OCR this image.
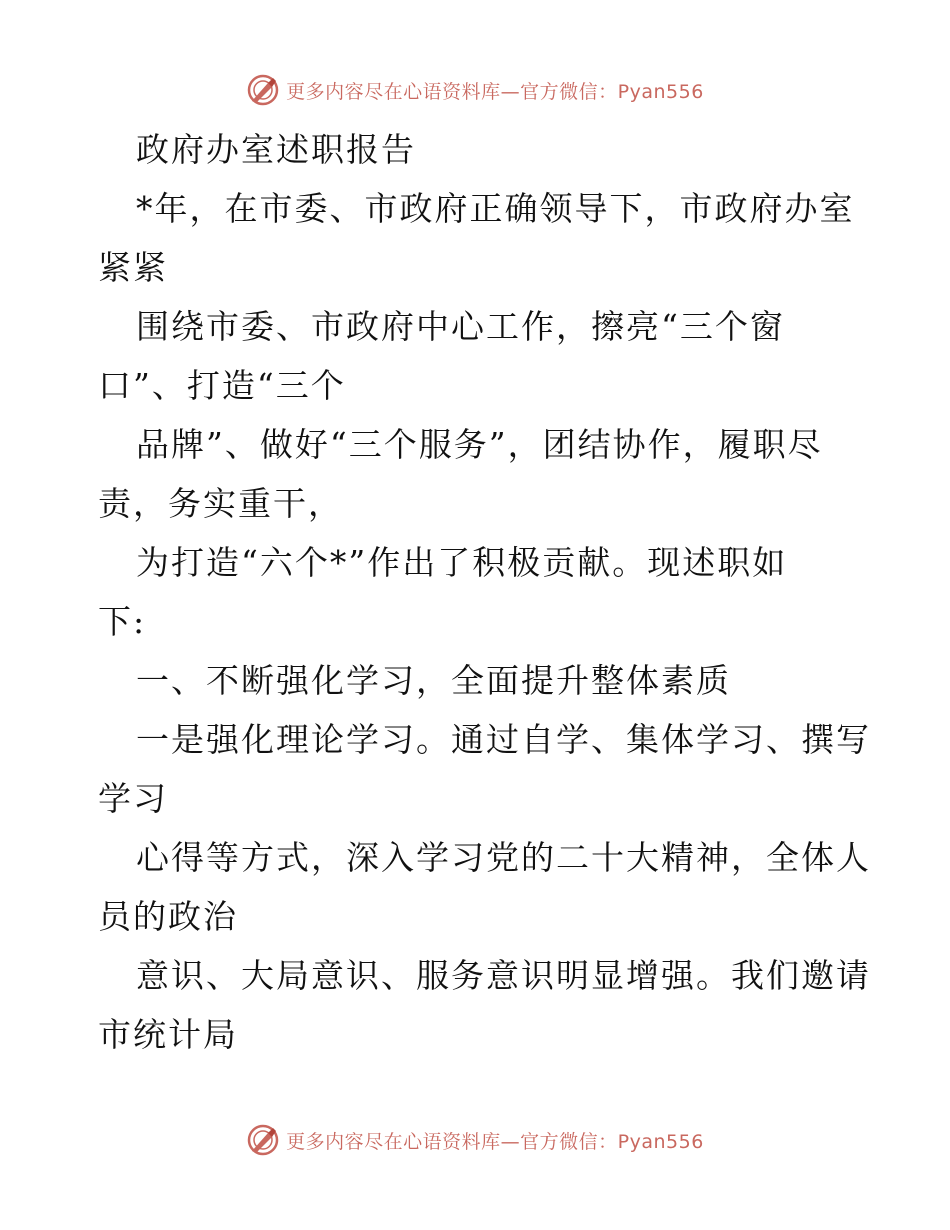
更多内容尽在心语资料库—官方微信：Pyan556
政府办室述职报告
*年，在市委、市政府正确领导下，市政府办室
紧紧
围绕市委、市政府中心工作，擦亮“三个窗
口”、打造“三个
品牌”、做好“三个服务”，团结协作，履职尽
责，务实重干，
为打造“六个*”作出了积极贡献。现述职如
下:
一、不断强化学习，全面提升整体素质
一是强化理论学习。通过自学、集体学习、撰写
学习
心得等方式，深入学习党的二十大精神，全体人
员的政治
意识、大局意识、服务意识明显增强。我们邀请
市统计局
更多内容尽在心语资料库—官方微信：Pyan556
